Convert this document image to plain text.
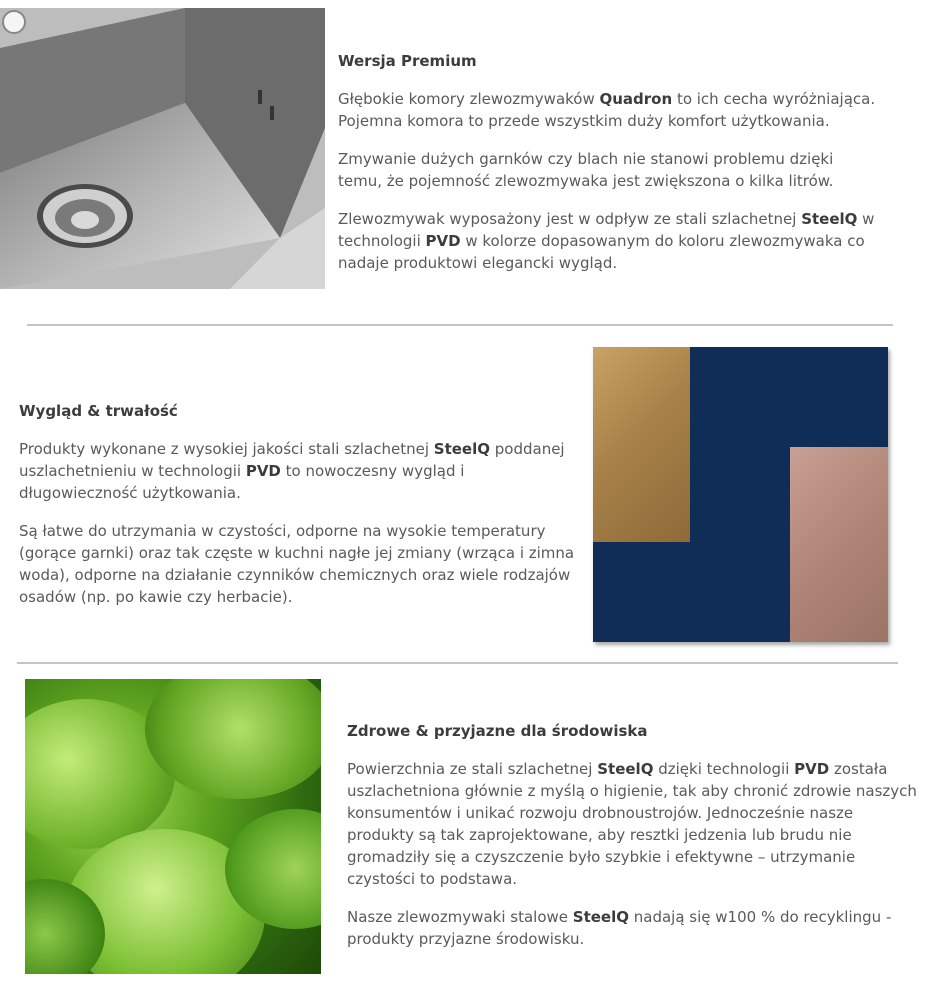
Wersja Premium

Głębokie komory zlewozmywaków Quadron to ich cecha wyróżniająca. Pojemna komora to przede wszystkim duży komfort użytkowania.

Zmywanie dużych garnków czy blach nie stanowi problemu dzięki temu, że pojemność zlewozmywaka jest zwiększona o kilka litrów.

Zlewozmywak wyposażony jest w odpływ ze stali szlachetnej SteelQ w technologii PVD w kolorze dopasowanym do koloru zlewozmywaka co nadaje produktowi elegancki wygląd.

Wygląd & trwałość

Produkty wykonane z wysokiej jakości stali szlachetnej SteelQ poddanej uszlachetnieniu w technologii PVD to nowoczesny wygląd i długowieczność użytkowania.

Są łatwe do utrzymania w czystości, odporne na wysokie temperatury (gorące garnki) oraz tak częste w kuchni nagłe jej zmiany (wrząca i zimna woda), odporne na działanie czynników chemicznych oraz wiele rodzajów osadów (np. po kawie czy herbacie).

Zdrowe & przyjazne dla środowiska

Powierzchnia ze stali szlachetnej SteelQ dzięki technologii PVD została uszlachetniona głównie z myślą o higienie, tak aby chronić zdrowie naszych konsumentów i unikać rozwoju drobnoustrojów. Jednocześnie nasze produkty są tak zaprojektowane, aby resztki jedzenia lub brudu nie gromadziły się a czyszczenie było szybkie i efektywne – utrzymanie czystości to podstawa.

Nasze zlewozmywaki stalowe SteelQ nadają się w100 % do recyklingu - produkty przyjazne środowisku.
